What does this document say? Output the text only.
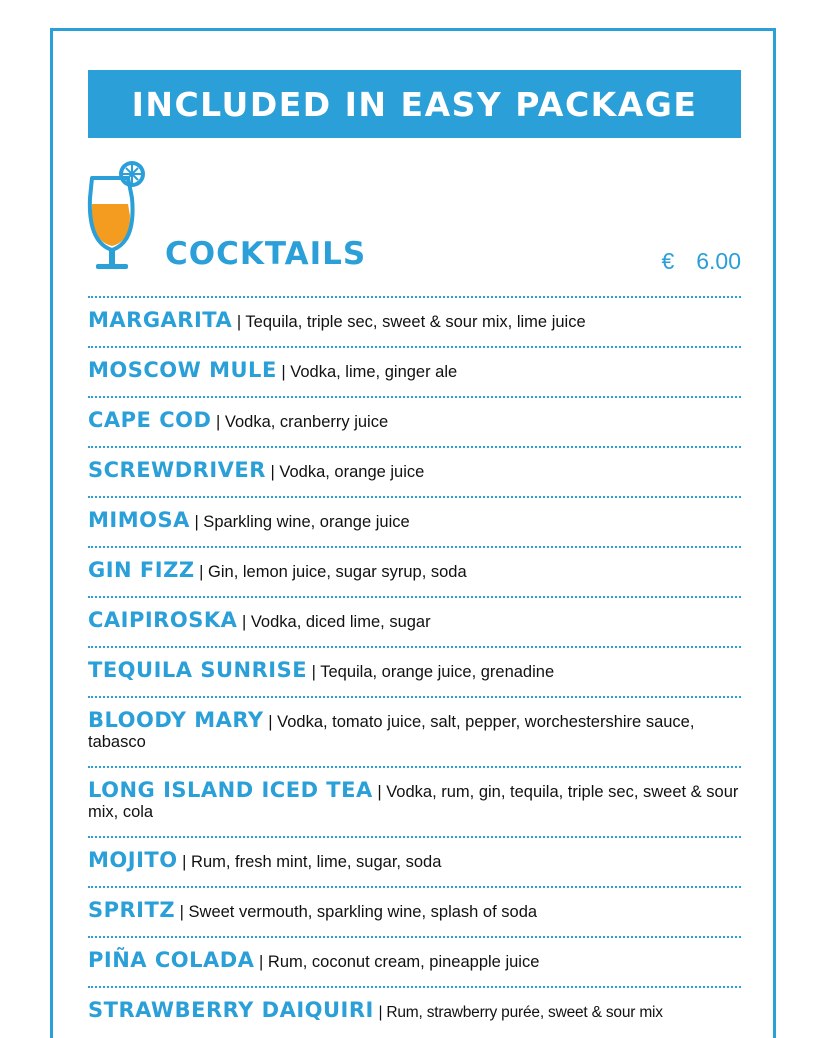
INCLUDED IN EASY PACKAGE
COCKTAILS	€ 6.00
MARGARITA | Tequila, triple sec, sweet & sour mix, lime juice
MOSCOW MULE | Vodka, lime, ginger ale
CAPE COD | Vodka, cranberry juice
SCREWDRIVER | Vodka, orange juice
MIMOSA | Sparkling wine, orange juice
GIN FIZZ | Gin, lemon juice, sugar syrup, soda
CAIPIROSKA | Vodka, diced lime, sugar
TEQUILA SUNRISE | Tequila, orange juice, grenadine
BLOODY MARY | Vodka, tomato juice, salt, pepper, worchestershire sauce, tabasco
LONG ISLAND ICED TEA | Vodka, rum, gin, tequila, triple sec, sweet & sour mix, cola
MOJITO | Rum, fresh mint, lime, sugar, soda
SPRITZ | Sweet vermouth, sparkling wine, splash of soda
PIÑA COLADA | Rum, coconut cream, pineapple juice
STRAWBERRY DAIQUIRI | Rum, strawberry purée, sweet & sour mix
